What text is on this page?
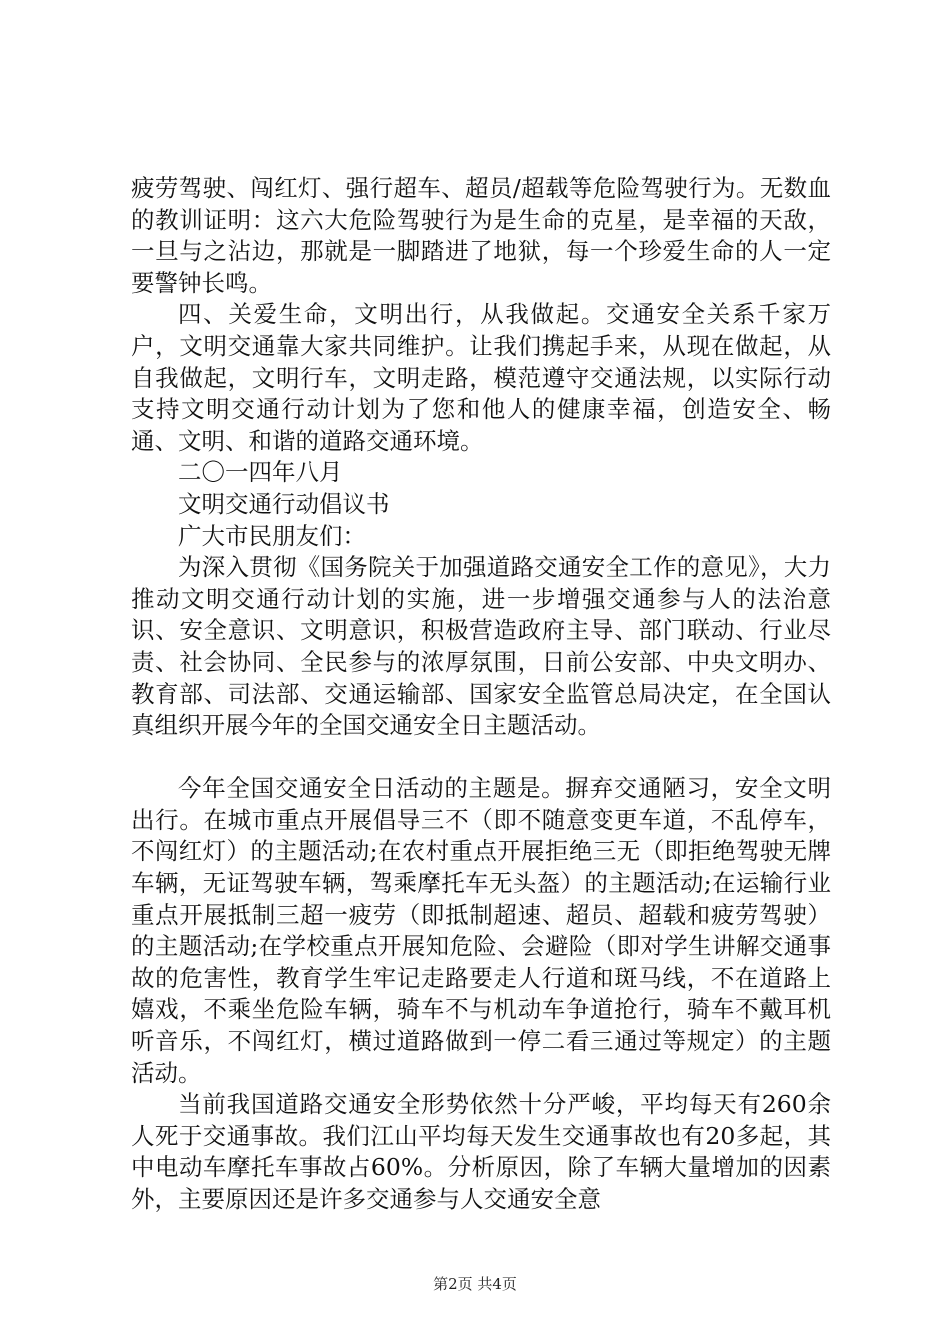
疲劳驾驶、闯红灯、强行超车、超员/超载等危险驾驶行为。无数血的教训证明：这六大危险驾驶行为是生命的克星，是幸福的天敌，一旦与之沾边，那就是一脚踏进了地狱，每一个珍爱生命的人一定要警钟长鸣。

四、关爱生命，文明出行，从我做起。交通安全关系千家万户，文明交通靠大家共同维护。让我们携起手来，从现在做起，从自我做起，文明行车，文明走路，模范遵守交通法规，以实际行动支持文明交通行动计划为了您和他人的健康幸福，创造安全、畅通、文明、和谐的道路交通环境。

二〇一四年八月

文明交通行动倡议书

广大市民朋友们：

为深入贯彻《国务院关于加强道路交通安全工作的意见》，大力推动文明交通行动计划的实施，进一步增强交通参与人的法治意识、安全意识、文明意识，积极营造政府主导、部门联动、行业尽责、社会协同、全民参与的浓厚氛围，日前公安部、中央文明办、教育部、司法部、交通运输部、国家安全监管总局决定，在全国认真组织开展今年的全国交通安全日主题活动。

今年全国交通安全日活动的主题是。摒弃交通陋习，安全文明出行。在城市重点开展倡导三不（即不随意变更车道，不乱停车，不闯红灯）的主题活动;在农村重点开展拒绝三无（即拒绝驾驶无牌车辆，无证驾驶车辆，驾乘摩托车无头盔）的主题活动;在运输行业重点开展抵制三超一疲劳（即抵制超速、超员、超载和疲劳驾驶）的主题活动;在学校重点开展知危险、会避险（即对学生讲解交通事故的危害性，教育学生牢记走路要走人行道和斑马线，不在道路上嬉戏，不乘坐危险车辆，骑车不与机动车争道抢行，骑车不戴耳机听音乐，不闯红灯，横过道路做到一停二看三通过等规定）的主题活动。

当前我国道路交通安全形势依然十分严峻，平均每天有260余人死于交通事故。我们江山平均每天发生交通事故也有20多起，其中电动车摩托车事故占60%。分析原因，除了车辆大量增加的因素外，主要原因还是许多交通参与人交通安全意

第2页 共4页
